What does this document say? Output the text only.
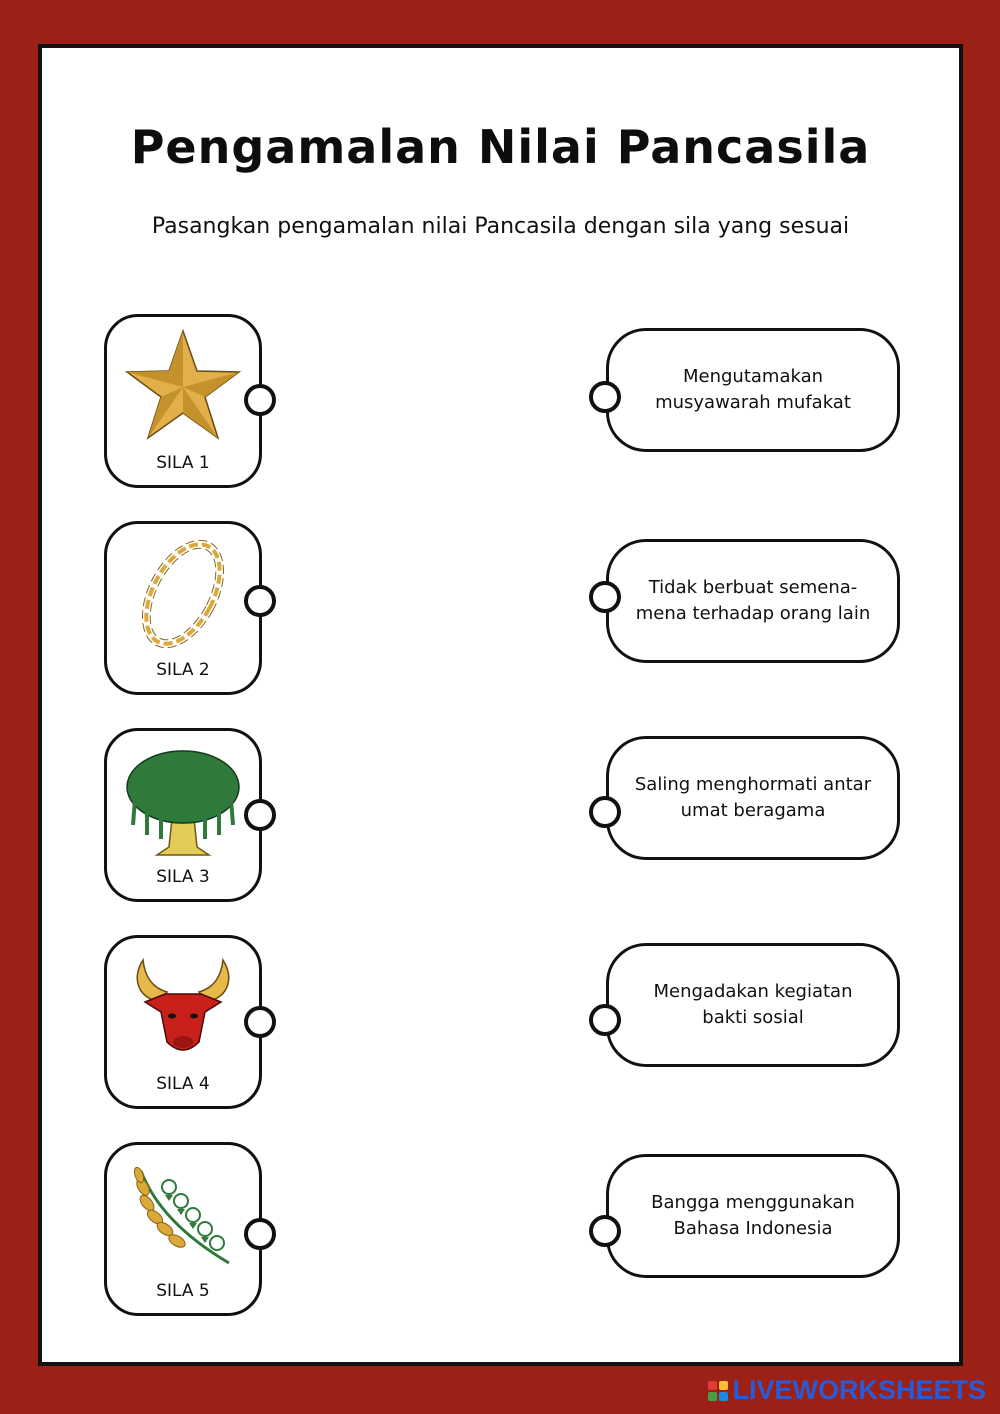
Pengamalan Nilai Pancasila
Pasangkan pengamalan nilai Pancasila dengan sila yang sesuai
SILA 1
SILA 2
SILA 3
SILA 4
SILA 5
Mengutamakan musyawarah mufakat
Tidak berbuat semena-mena terhadap orang lain
Saling menghormati antar umat beragama
Mengadakan kegiatan bakti sosial
Bangga menggunakan Bahasa Indonesia
LIVEWORKSHEETS
